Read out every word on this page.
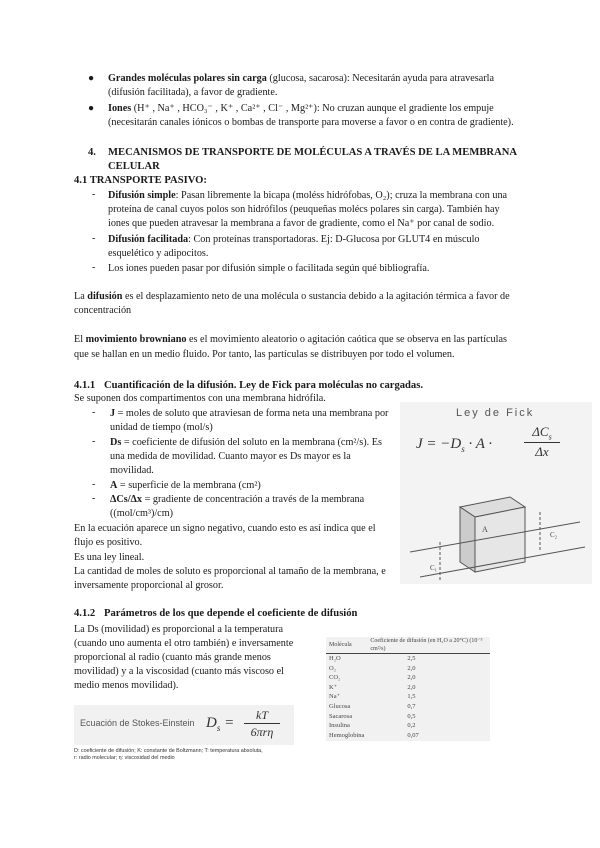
● Grandes moléculas polares sin carga (glucosa, sacarosa): Necesitarán ayuda para atravesarla
(difusión facilitada), a favor de gradiente.
● Iones (H⁺ , Na⁺ , HCO₃⁻ , K⁺ , Ca²⁺ , Cl⁻ , Mg²⁺): No cruzan aunque el gradiente los empuje
(necesitarán canales iónicos o bombas de transporte para moverse a favor o en contra de gradiente).
4. MECANISMOS DE TRANSPORTE DE MOLÉCULAS A TRAVÉS DE LA MEMBRANA
CELULAR
4.1 TRANSPORTE PASIVO:
- Difusión simple: Pasan libremente la bicapa (moléss hidrófobas, O₂); cruza la membrana con una
proteína de canal cuyos polos son hidrófilos (peuqueñas molécs polares sin carga). También hay
iones que pueden atravesar la membrana a favor de gradiente, como el Na⁺ por canal de sodio.
- Difusión facilitada: Con proteínas transportadoras. Ej: D-Glucosa por GLUT4 en músculo
esquelético y adipocitos.
- Los iones pueden pasar por difusión simple o facilitada según qué bibliografía.
La difusión es el desplazamiento neto de una molécula o sustancia debido a la agitación térmica a favor de
concentración
El movimiento browniano es el movimiento aleatorio o agitación caótica que se observa en las partículas
que se hallan en un medio fluido. Por tanto, las partículas se distribuyen por todo el volumen.
4.1.1 Cuantificación de la difusión. Ley de Fick para moléculas no cargadas.
Se suponen dos compartimentos con una membrana hidrófila.
- J = moles de soluto que atraviesan de forma neta una membrana por
unidad de tiempo (mol/s)
- Ds = coeficiente de difusión del soluto en la membrana (cm²/s). Es
una medida de movilidad. Cuanto mayor es Ds mayor es la
movilidad.
- A = superficie de la membrana (cm²)
- ΔCs/Δx = gradiente de concentración a través de la membrana
((mol/cm³)/cm)
En la ecuación aparece un signo negativo, cuando esto es así indica que el
flujo es positivo.
Es una ley lineal.
La cantidad de moles de soluto es proporcional al tamaño de la membrana, e
inversamente proporcional al grosor.
Ley de Fick
$J = -D_s \cdot A$ ·
$\Delta C_s$
Δx
A
C₁
C₂
4.1.2 Parámetros de los que depende el coeficiente de difusión
La Ds (movilidad) es proporcional a la temperatura
(cuando uno aumenta el otro también) e inversamente
proporcional al radio (cuanto más grande menos
movilidad) y a la viscosidad (cuanto más viscoso el
medio menos movilidad).
Molécula	Coeficiente de difusión (en H₂O a 20°C) (10⁻⁵ cm²/s)
H₂O	2,5
O₂	2,0
CO₂	2,0
K⁺	2,0
Na⁺	1,5
Glucosa	0,7
Sacarosa	0,5
Insulina	0,2
Hemoglobina	0,07
Ecuación de Stokes-Einstein $D_s$ =	kT
6πrη
D: coeficiente de difusión; K: constante de Boltzmann; T: temperatura absoluta,
r: radio molecular; η: viscosidad del medio
